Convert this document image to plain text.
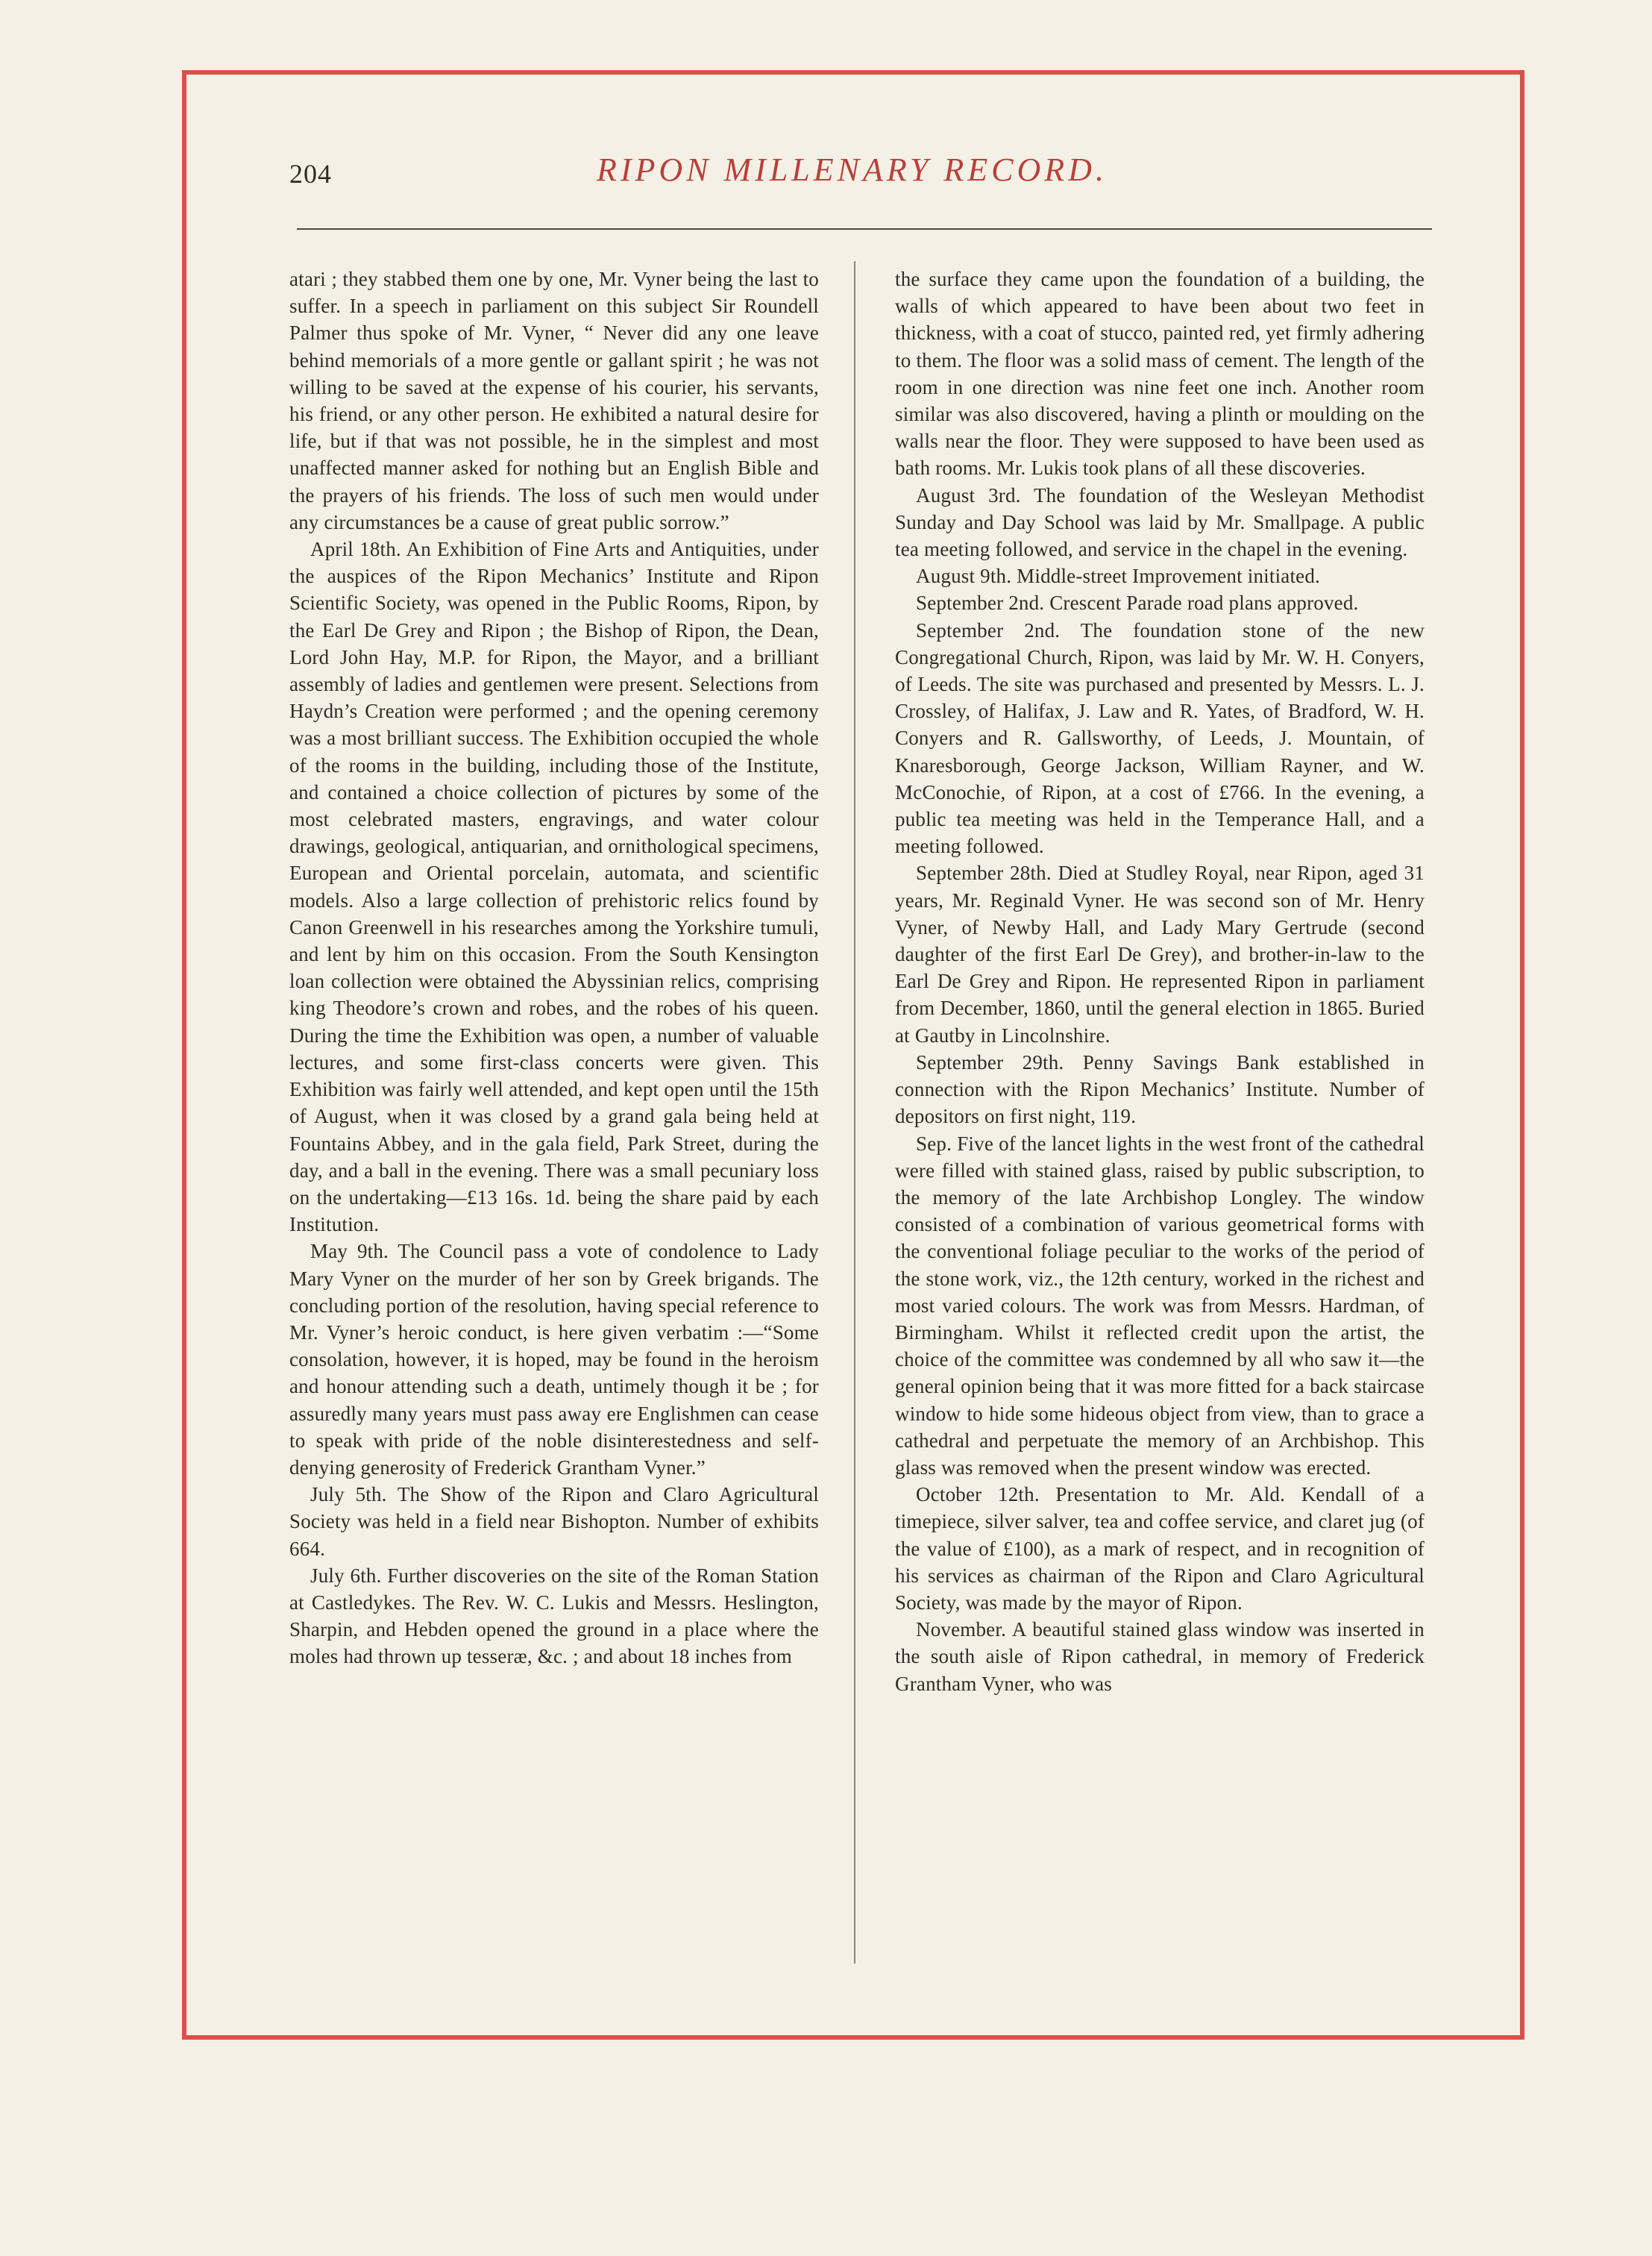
204	RIPON MILLENARY RECORD.

atari ; they stabbed them one by one, Mr. Vyner being the last to suffer. In a speech in parliament on this subject Sir Roundell Palmer thus spoke of Mr. Vyner, “ Never did any one leave behind memorials of a more gentle or gallant spirit ; he was not willing to be saved at the expense of his courier, his servants, his friend, or any other person. He exhibited a natural desire for life, but if that was not possible, he in the simplest and most unaffected manner asked for nothing but an English Bible and the prayers of his friends. The loss of such men would under any circumstances be a cause of great public sorrow.”

April 18th. An Exhibition of Fine Arts and Antiquities, under the auspices of the Ripon Mechanics’ Institute and Ripon Scientific Society, was opened in the Public Rooms, Ripon, by the Earl De Grey and Ripon ; the Bishop of Ripon, the Dean, Lord John Hay, M.P. for Ripon, the Mayor, and a brilliant assembly of ladies and gentlemen were present. Selections from Haydn’s Creation were performed ; and the opening ceremony was a most brilliant success. The Exhibition occupied the whole of the rooms in the building, including those of the Institute, and contained a choice collection of pictures by some of the most celebrated masters, engravings, and water colour drawings, geological, antiquarian, and ornithological specimens, European and Oriental porcelain, automata, and scientific models. Also a large collection of prehistoric relics found by Canon Greenwell in his researches among the Yorkshire tumuli, and lent by him on this occasion. From the South Kensington loan collection were obtained the Abyssinian relics, comprising king Theodore’s crown and robes, and the robes of his queen. During the time the Exhibition was open, a number of valuable lectures, and some first-class concerts were given. This Exhibition was fairly well attended, and kept open until the 15th of August, when it was closed by a grand gala being held at Fountains Abbey, and in the gala field, Park Street, during the day, and a ball in the evening. There was a small pecuniary loss on the undertaking—£13 16s. 1d. being the share paid by each Institution.

May 9th. The Council pass a vote of condolence to Lady Mary Vyner on the murder of her son by Greek brigands. The concluding portion of the resolution, having special reference to Mr. Vyner’s heroic conduct, is here given verbatim :—“Some consolation, however, it is hoped, may be found in the heroism and honour attending such a death, untimely though it be ; for assuredly many years must pass away ere Englishmen can cease to speak with pride of the noble disinterestedness and self-denying generosity of Frederick Grantham Vyner.”

July 5th. The Show of the Ripon and Claro Agricultural Society was held in a field near Bishopton. Number of exhibits 664.

July 6th. Further discoveries on the site of the Roman Station at Castledykes. The Rev. W. C. Lukis and Messrs. Heslington, Sharpin, and Hebden opened the ground in a place where the moles had thrown up tesseræ, &c. ; and about 18 inches from

the surface they came upon the foundation of a building, the walls of which appeared to have been about two feet in thickness, with a coat of stucco, painted red, yet firmly adhering to them. The floor was a solid mass of cement. The length of the room in one direction was nine feet one inch. Another room similar was also discovered, having a plinth or moulding on the walls near the floor. They were supposed to have been used as bath rooms. Mr. Lukis took plans of all these discoveries.

August 3rd. The foundation of the Wesleyan Methodist Sunday and Day School was laid by Mr. Smallpage. A public tea meeting followed, and service in the chapel in the evening.

August 9th. Middle-street Improvement initiated.

September 2nd. Crescent Parade road plans approved.

September 2nd. The foundation stone of the new Congregational Church, Ripon, was laid by Mr. W. H. Conyers, of Leeds. The site was purchased and presented by Messrs. L. J. Crossley, of Halifax, J. Law and R. Yates, of Bradford, W. H. Conyers and R. Gallsworthy, of Leeds, J. Mountain, of Knaresborough, George Jackson, William Rayner, and W. McConochie, of Ripon, at a cost of £766. In the evening, a public tea meeting was held in the Temperance Hall, and a meeting followed.

September 28th. Died at Studley Royal, near Ripon, aged 31 years, Mr. Reginald Vyner. He was second son of Mr. Henry Vyner, of Newby Hall, and Lady Mary Gertrude (second daughter of the first Earl De Grey), and brother-in-law to the Earl De Grey and Ripon. He represented Ripon in parliament from December, 1860, until the general election in 1865. Buried at Gautby in Lincolnshire.

September 29th. Penny Savings Bank established in connection with the Ripon Mechanics’ Institute. Number of depositors on first night, 119.

Sep. Five of the lancet lights in the west front of the cathedral were filled with stained glass, raised by public subscription, to the memory of the late Archbishop Longley. The window consisted of a combination of various geometrical forms with the conventional foliage peculiar to the works of the period of the stone work, viz., the 12th century, worked in the richest and most varied colours. The work was from Messrs. Hardman, of Birmingham. Whilst it reflected credit upon the artist, the choice of the committee was condemned by all who saw it—the general opinion being that it was more fitted for a back staircase window to hide some hideous object from view, than to grace a cathedral and perpetuate the memory of an Archbishop. This glass was removed when the present window was erected.

October 12th. Presentation to Mr. Ald. Kendall of a timepiece, silver salver, tea and coffee service, and claret jug (of the value of £100), as a mark of respect, and in recognition of his services as chairman of the Ripon and Claro Agricultural Society, was made by the mayor of Ripon.

November. A beautiful stained glass window was inserted in the south aisle of Ripon cathedral, in memory of Frederick Grantham Vyner, who was
